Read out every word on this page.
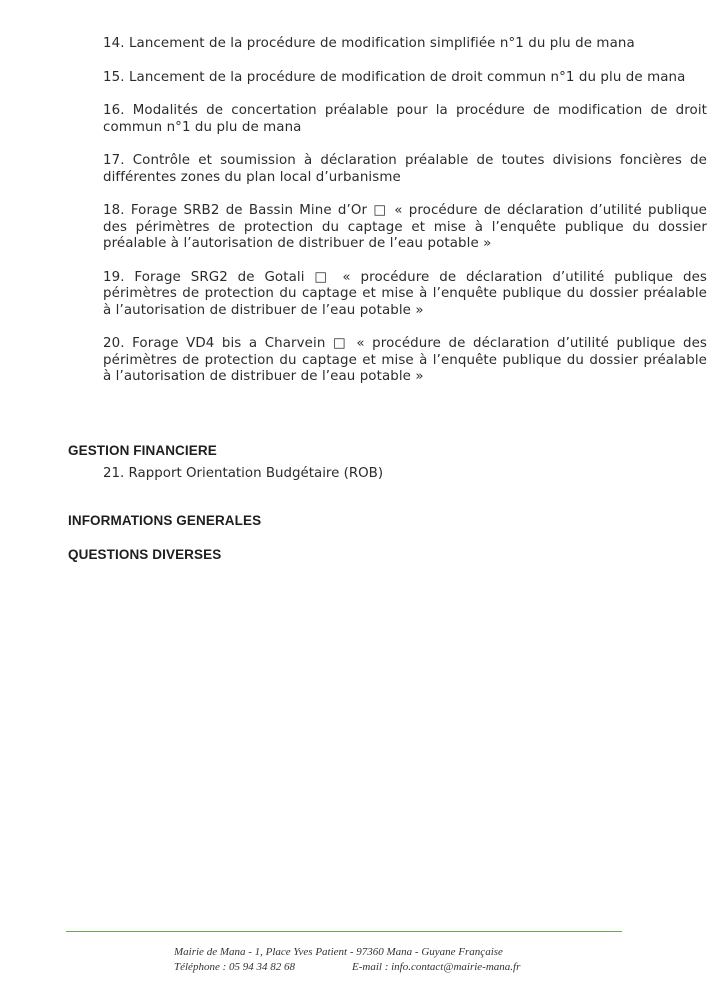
14. Lancement de la procédure de modification simplifiée n°1 du plu de mana

15. Lancement de la procédure de modification de droit commun n°1 du plu de mana

16. Modalités de concertation préalable pour la procédure de modification de droit commun n°1 du plu de mana

17. Contrôle et soumission à déclaration préalable de toutes divisions foncières de différentes zones du plan local d’urbanisme

18. Forage SRB2 de Bassin Mine d’Or □ « procédure de déclaration d’utilité publique des périmètres de protection du captage et mise à l’enquête publique du dossier préalable à l’autorisation de distribuer de l’eau potable »

19. Forage SRG2 de Gotali □ « procédure de déclaration d’utilité publique des périmètres de protection du captage et mise à l’enquête publique du dossier préalable à l’autorisation de distribuer de l’eau potable »

20. Forage VD4 bis a Charvein □ « procédure de déclaration d’utilité publique des périmètres de protection du captage et mise à l’enquête publique du dossier préalable à l’autorisation de distribuer de l’eau potable »

GESTION FINANCIERE
21. Rapport Orientation Budgétaire (ROB)
INFORMATIONS GENERALES
QUESTIONS DIVERSES
Mairie de Mana - 1, Place Yves Patient - 97360 Mana - Guyane Française
Téléphone : 05 94 34 82 68	E-mail : info.contact@mairie-mana.fr
